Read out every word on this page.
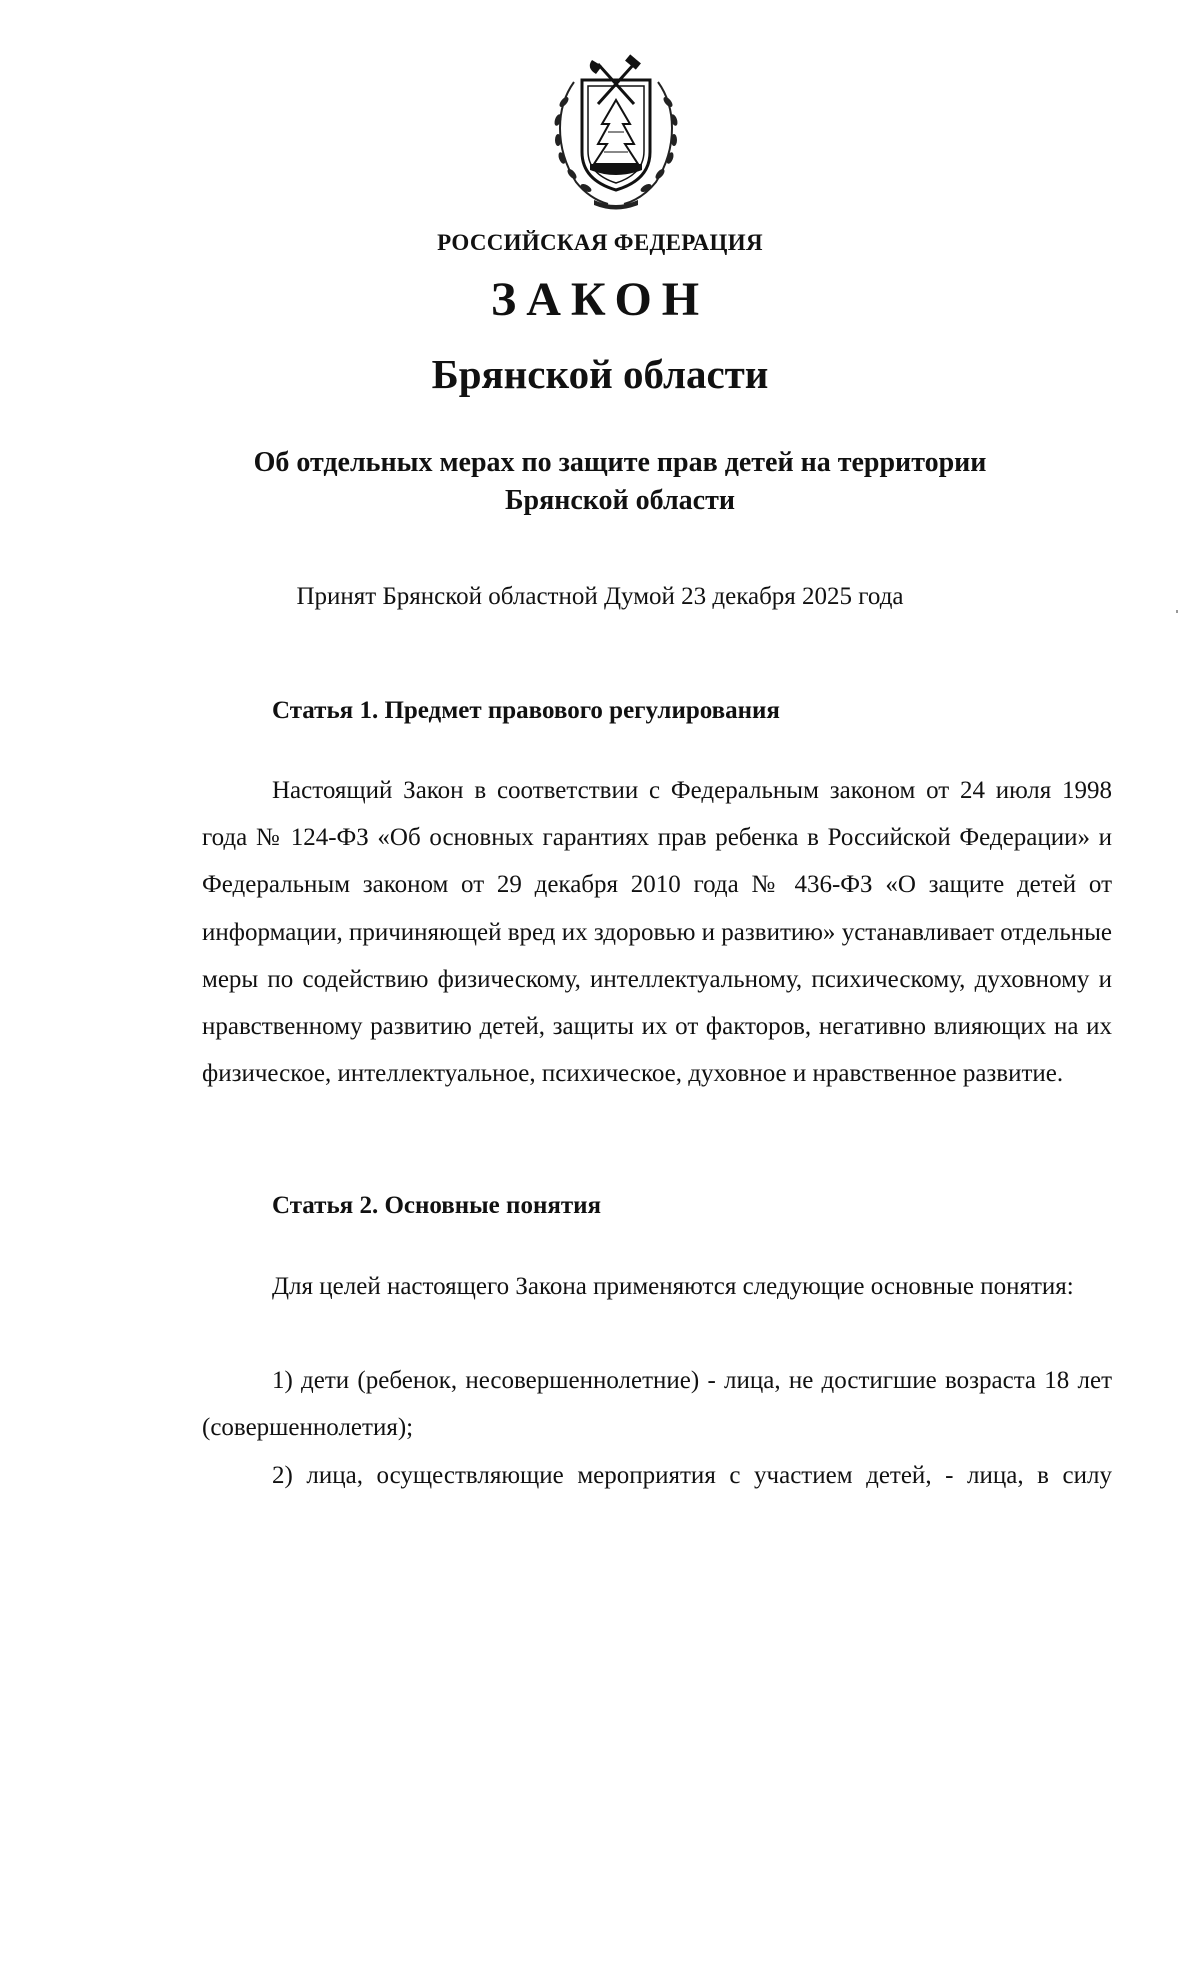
РОССИЙСКАЯ ФЕДЕРАЦИЯ
ЗАКОН
Брянской области
Об отдельных мерах по защите прав детей на территории
Брянской области
Принят Брянской областной Думой 23 декабря 2025 года
Статья 1. Предмет правового регулирования

Настоящий Закон в соответствии с Федеральным законом от 24 июля 1998 года № 124-ФЗ «Об основных гарантиях прав ребенка в Российской Федерации» и Федеральным законом от 29 декабря 2010 года № 436-ФЗ «О защите детей от информации, причиняющей вред их здоровью и развитию» устанавливает отдельные меры по содействию физическому, интеллектуальному, психическому, духовному и нравственному развитию детей, защиты их от факторов, негативно влияющих на их физическое, интеллектуальное, психическое, духовное и нравственное развитие.

Статья 2. Основные понятия

Для целей настоящего Закона применяются следующие основные понятия:

1) дети (ребенок, несовершеннолетние) - лица, не достигшие возраста 18 лет (совершеннолетия);

2) лица, осуществляющие мероприятия с участием детей, - лица, в силу
